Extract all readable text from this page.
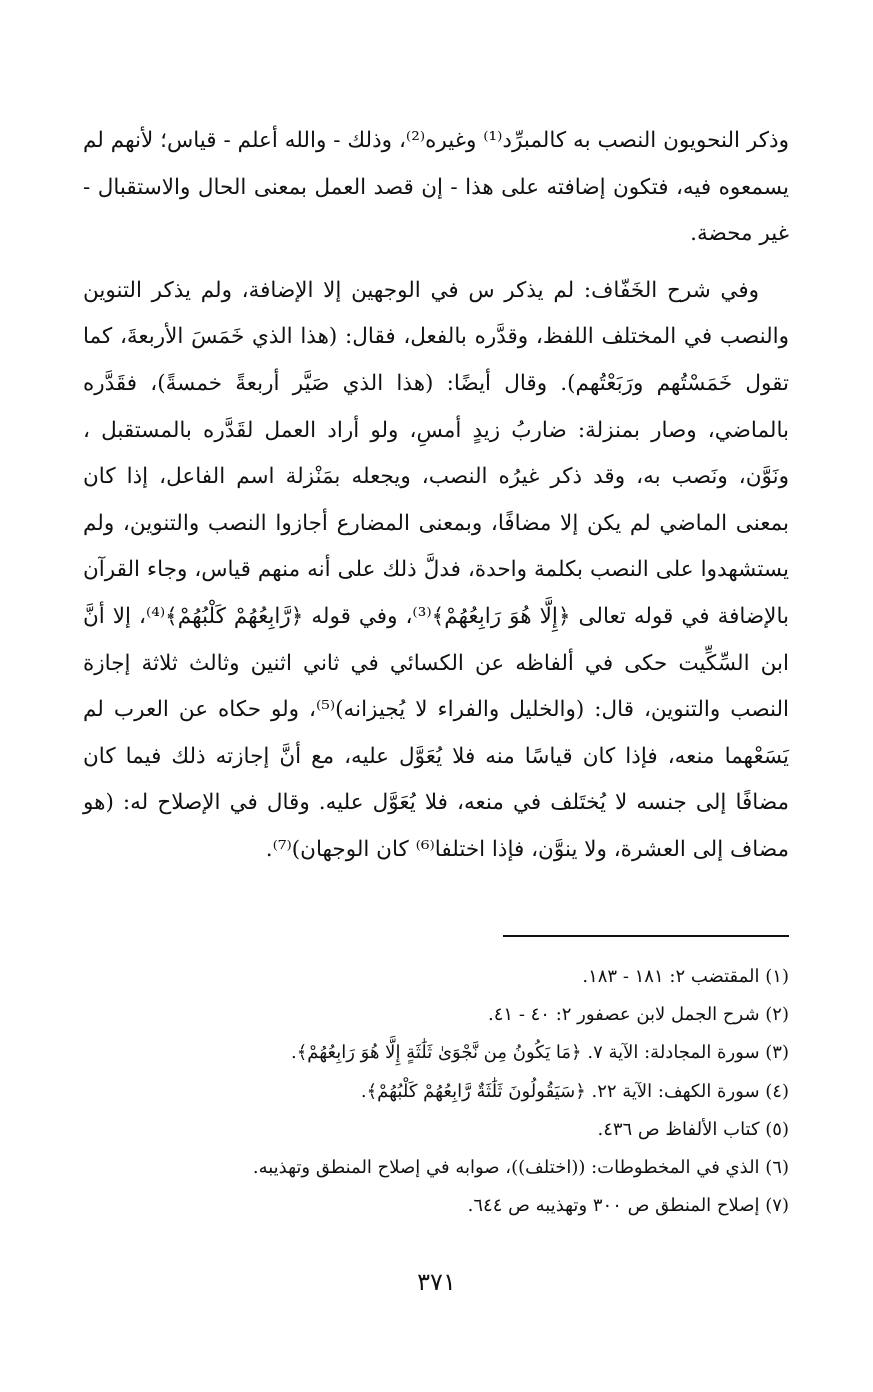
وذكر النحويون النصب به كالمبرِّد⁽¹⁾ وغيره⁽²⁾، وذلك - والله أعلم - قياس؛ لأنهم لم يسمعوه فيه، فتكون إضافته على هذا - إن قصد العمل بمعنى الحال والاستقبال - غير محضة.

وفي شرح الخَفّاف: لم يذكر س في الوجهين إلا الإضافة، ولم يذكر التنوين والنصب في المختلف اللفظ، وقدَّره بالفعل، فقال: (هذا الذي خَمَسَ الأربعةَ، كما تقول خَمَسْتُهم ورَبَعْتُهم). وقال أيضًا: (هذا الذي صَيَّر أربعةً خمسةً)، فقَدَّره بالماضي، وصار بمنزلة: ضاربُ زيدٍ أمسِ، ولو أراد العمل لقَدَّره بالمستقبل ، ونَوَّن، ونَصب به، وقد ذكر غيرُه النصب، ويجعله بمَنْزلة اسم الفاعل، إذا كان بمعنى الماضي لم يكن إلا مضافًا، وبمعنى المضارع أجازوا النصب والتنوين، ولم يستشهدوا على النصب بكلمة واحدة، فدلَّ ذلك على أنه منهم قياس، وجاء القرآن بالإضافة في قوله تعالى ﴿إِلَّا هُوَ رَابِعُهُمْ﴾⁽³⁾، وفي قوله ﴿رَّابِعُهُمْ كَلْبُهُمْ﴾⁽⁴⁾، إلا أنَّ ابن السِّكِّيت حكى في ألفاظه عن الكسائي في ثاني اثنين وثالث ثلاثة إجازة النصب والتنوين، قال: (والخليل والفراء لا يُجيزانه)⁽⁵⁾، ولو حكاه عن العرب لم يَسَعْهما منعه، فإذا كان قياسًا منه فلا يُعَوَّل عليه، مع أنَّ إجازته ذلك فيما كان مضافًا إلى جنسه لا يُختَلف في منعه، فلا يُعَوَّل عليه. وقال في الإصلاح له: (هو مضاف إلى العشرة، ولا ينوَّن، فإذا اختلفا⁽⁶⁾ كان الوجهان)⁽⁷⁾.

(١) المقتضب ٢: ١٨١ - ١٨٣.
(٢) شرح الجمل لابن عصفور ٢: ٤٠ - ٤١.
(٣) سورة المجادلة: الآية ٧. ﴿مَا يَكُونُ مِن نَّجْوَىٰ ثَلَٰثَةٍ إِلَّا هُوَ رَابِعُهُمْ﴾.
(٤) سورة الكهف: الآية ٢٢. ﴿سَيَقُولُونَ ثَلَٰثَةٌ رَّابِعُهُمْ كَلْبُهُمْ﴾.
(٥) كتاب الألفاظ ص ٤٣٦.
(٦) الذي في المخطوطات: ((اختلف))، صوابه في إصلاح المنطق وتهذيبه.
(٧) إصلاح المنطق ص ٣٠٠ وتهذيبه ص ٦٤٤.
٣٧١
